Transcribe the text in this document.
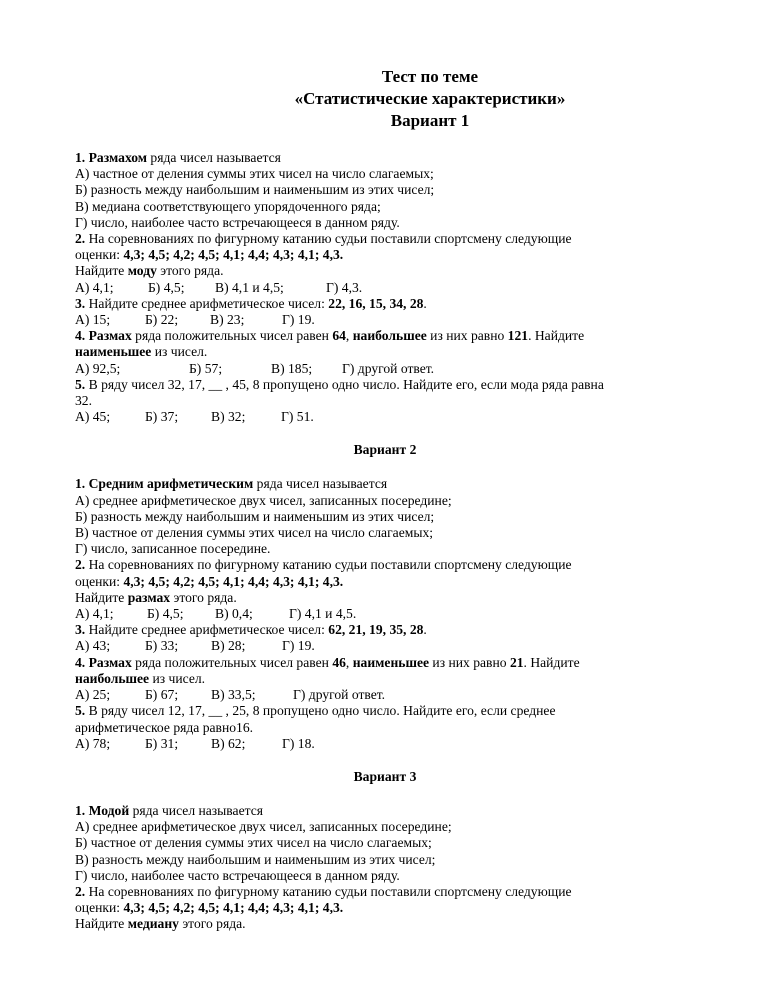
Тест по теме
«Статистические характеристики»
Вариант 1
1. Размахом ряда чисел называется
А) частное от деления суммы этих чисел на число слагаемых;
Б) разность между наибольшим и наименьшим из этих чисел;
В) медиана соответствующего упорядоченного ряда;
Г) число, наиболее часто встречающееся в данном ряду.
2. На соревнованиях по фигурному катанию судьи поставили спортсмену следующие
оценки: 4,3; 4,5; 4,2; 4,5; 4,1; 4,4; 4,3; 4,1; 4,3.
Найдите моду этого ряда.
А) 4,1;	Б) 4,5; В) 4,1 и 4,5;	Г) 4,3.
3. Найдите среднее арифметическое чисел: 22, 16, 15, 34, 28.
А) 15;	Б) 22; В) 23;	Г) 19.
4. Размах ряда положительных чисел равен 64, наибольшее из них равно 121. Найдите
наименьшее из чисел.
А) 92,5;	Б) 57;	В) 185; Г) другой ответ.
5. В ряду чисел 32, 17, __ , 45, 8 пропущено одно число. Найдите его, если мода ряда равна
32.
А) 45;	Б) 37; В) 32;	Г) 51.
Вариант 2
1. Средним арифметическим ряда чисел называется
А) среднее арифметическое двух чисел, записанных посередине;
Б) разность между наибольшим и наименьшим из этих чисел;
В) частное от деления суммы этих чисел на число слагаемых;
Г) число, записанное посередине.
2. На соревнованиях по фигурному катанию судьи поставили спортсмену следующие
оценки: 4,3; 4,5; 4,2; 4,5; 4,1; 4,4; 4,3; 4,1; 4,3.
Найдите размах этого ряда.
А) 4,1; Б) 4,5; В) 0,4;	Г) 4,1 и 4,5.
3. Найдите среднее арифметическое чисел: 62, 21, 19, 35, 28.
А) 43;	Б) 33; В) 28;	Г) 19.
4. Размах ряда положительных чисел равен 46, наименьшее из них равно 21. Найдите
наибольшее из чисел.
А) 25;	Б) 67; В) 33,5;	Г) другой ответ.
5. В ряду чисел 12, 17, __ , 25, 8 пропущено одно число. Найдите его, если среднее
арифметическое ряда равно16.
А) 78;	Б) 31; В) 62;	Г) 18.
Вариант 3
1. Модой ряда чисел называется
А) среднее арифметическое двух чисел, записанных посередине;
Б) частное от деления суммы этих чисел на число слагаемых;
В) разность между наибольшим и наименьшим из этих чисел;
Г) число, наиболее часто встречающееся в данном ряду.
2. На соревнованиях по фигурному катанию судьи поставили спортсмену следующие
оценки: 4,3; 4,5; 4,2; 4,5; 4,1; 4,4; 4,3; 4,1; 4,3.
Найдите медиану этого ряда.
